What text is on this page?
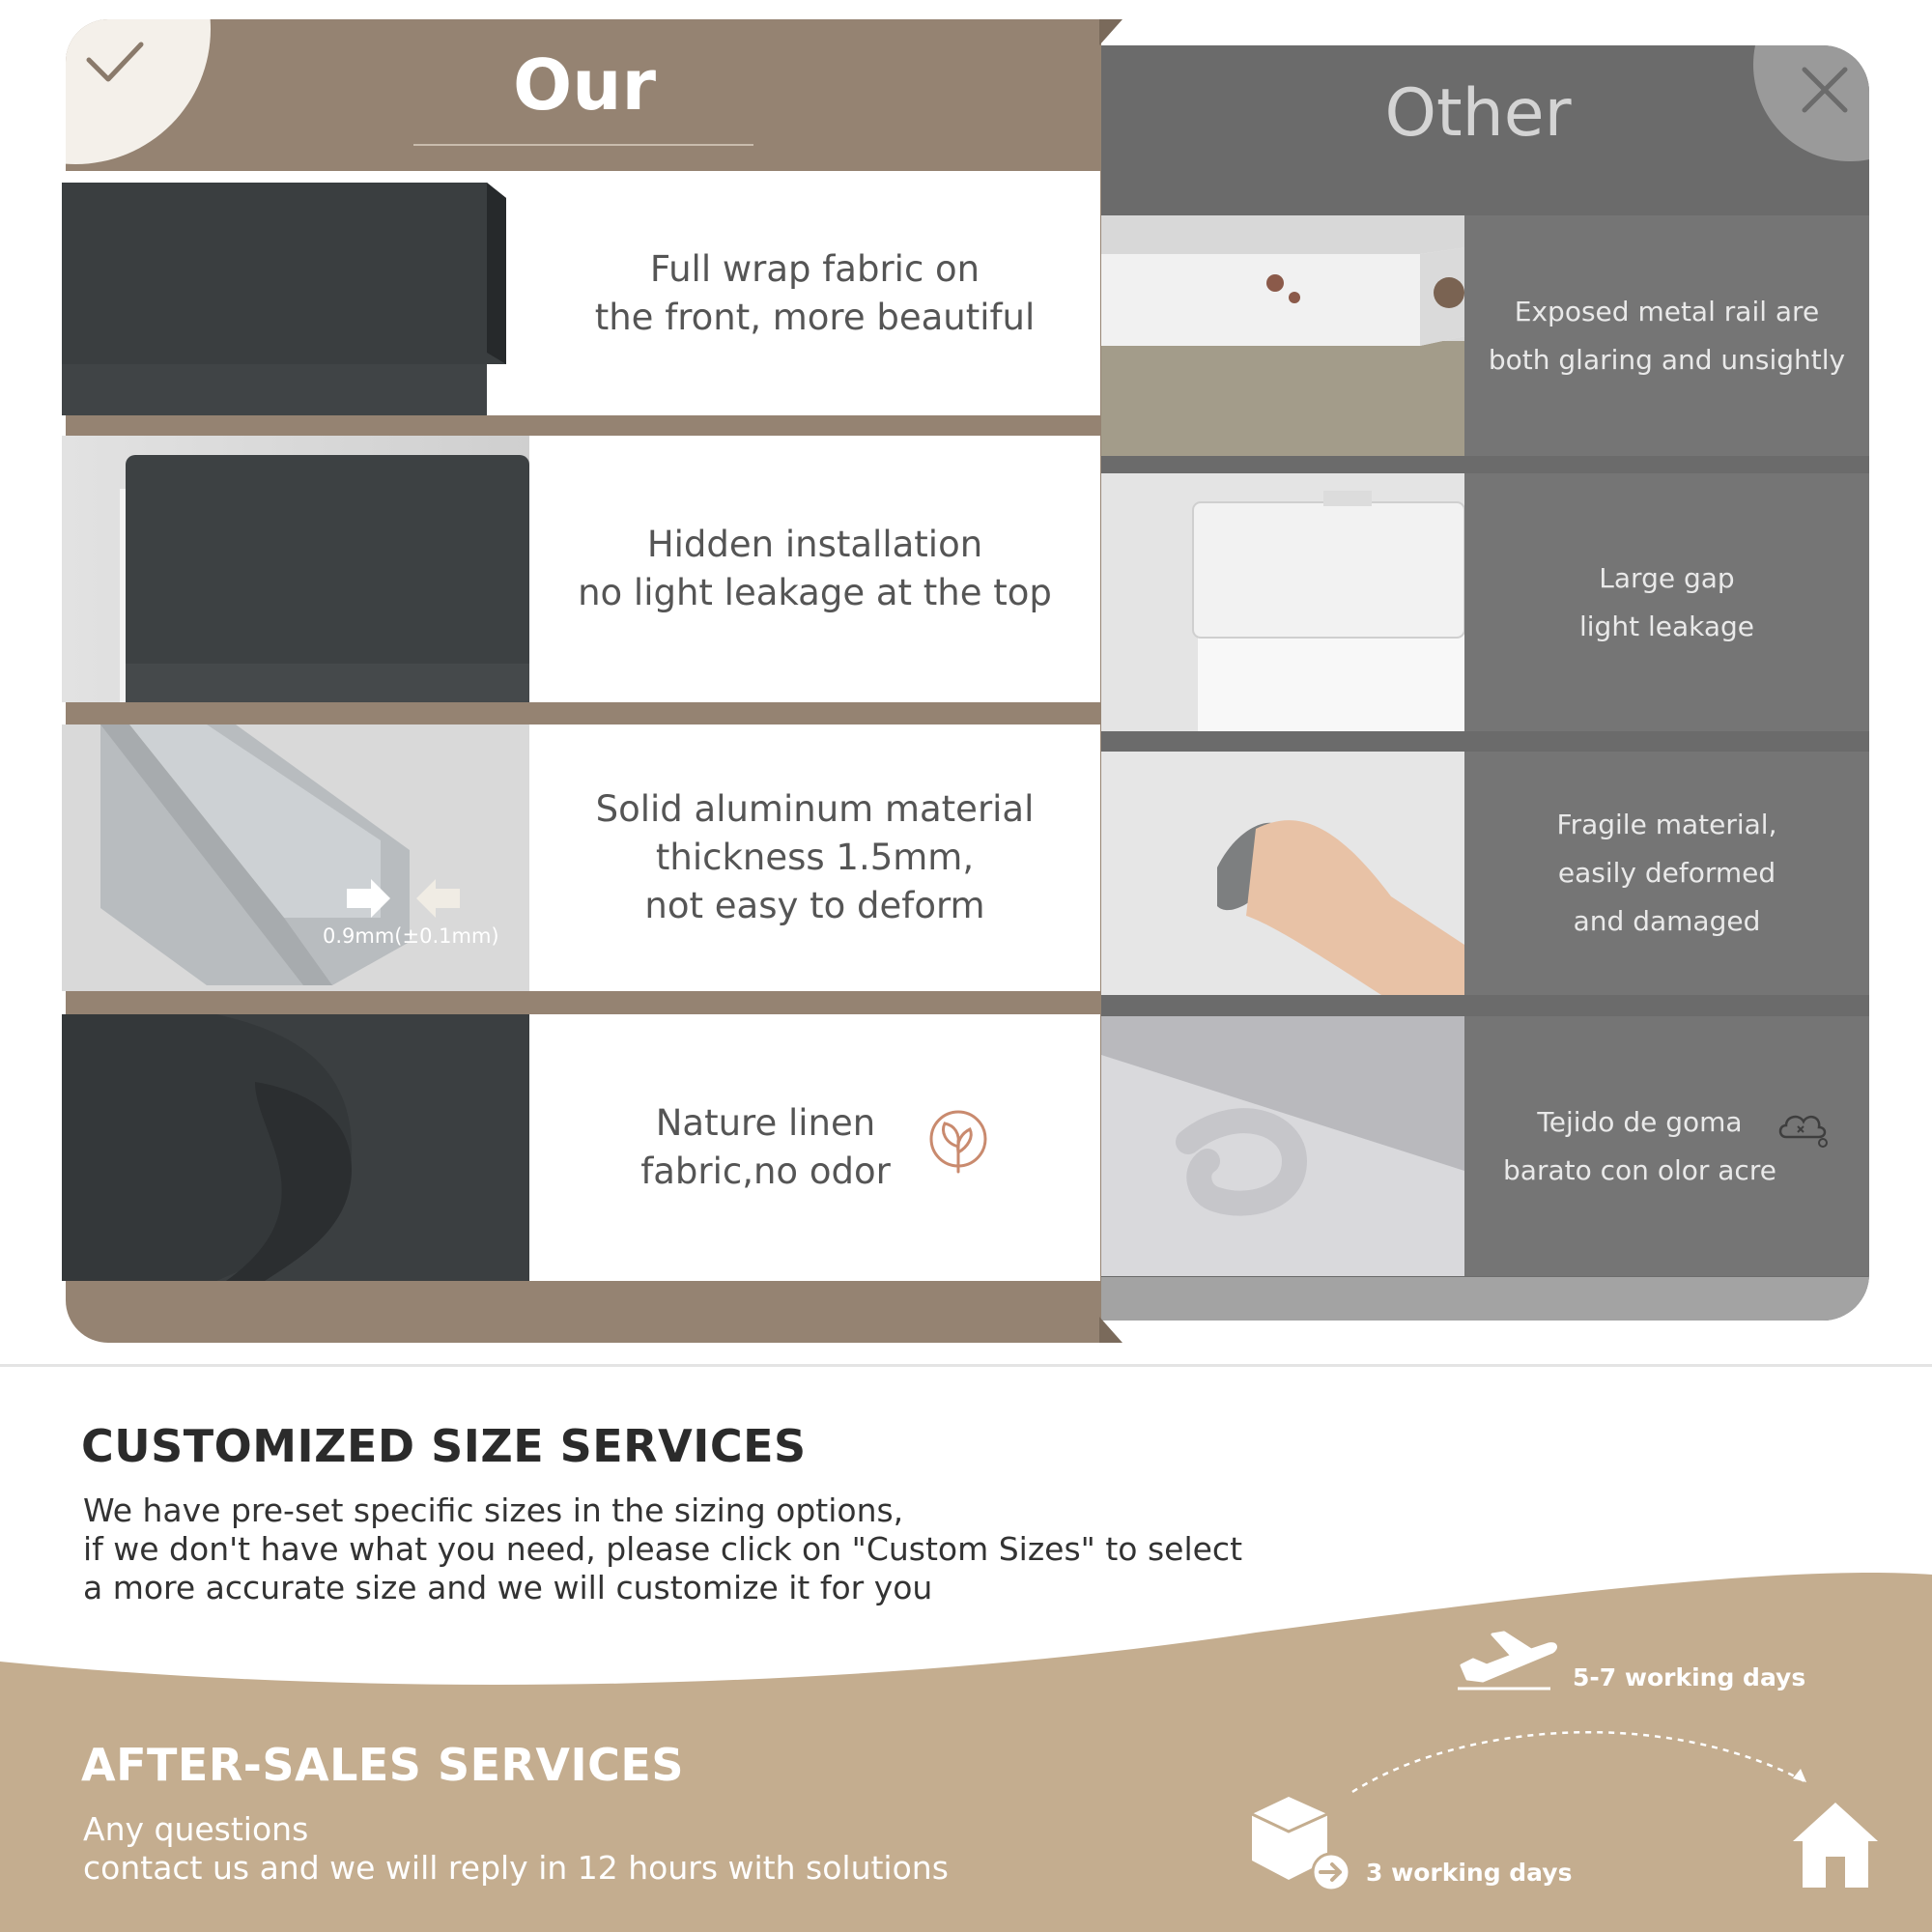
Our	Other
Full wrap fabric on
the front, more beautiful
Hidden installation
no light leakage at the top
0.9mm(±0.1mm)
Solid aluminum material
thickness 1.5mm,
not easy to deform
Nature linen
fabric,no odor
Exposed metal rail are
both glaring and unsightly
Large gap
light leakage
Fragile material,
easily deformed
and damaged
Tejido de goma
barato con olor acre
CUSTOMIZED SIZE SERVICES
We have pre-set specific sizes in the sizing options,
if we don't have what you need, please click on "Custom Sizes" to select
a more accurate size and we will customize it for you
AFTER-SALES SERVICES
Any questions
contact us and we will reply in 12 hours with solutions
5-7 working days
3 working days
